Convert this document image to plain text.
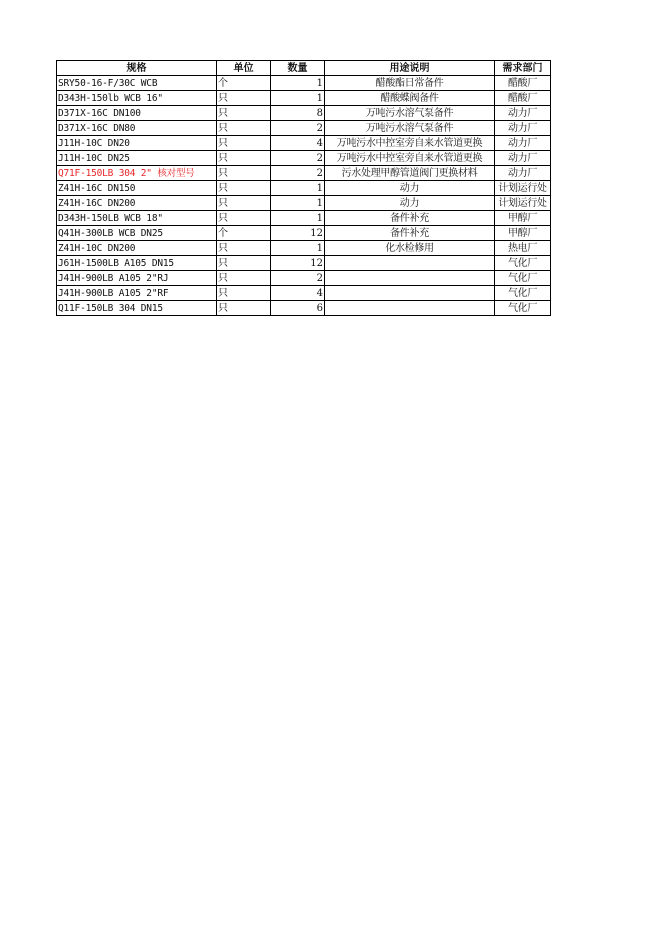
规格	单位	数量	用途说明	需求部门
SRY50-16-F/30C WCB	个	1	醋酸酯日常备件	醋酸厂
D343H-150lb WCB 16"	只	1	醋酸蝶阀备件	醋酸厂
D371X-16C DN100	只	8	万吨污水溶气泵备件	动力厂
D371X-16C DN80	只	2	万吨污水溶气泵备件	动力厂
J11H-10C DN20	只	4	万吨污水中控室旁自来水管道更换	动力厂
J11H-10C DN25	只	2	万吨污水中控室旁自来水管道更换	动力厂
Q71F-150LB 304 2" 核对型号	只	2	污水处理甲醇管道阀门更换材料	动力厂
Z41H-16C DN150	只	1	动力	计划运行处
Z41H-16C DN200	只	1	动力	计划运行处
D343H-150LB WCB 18"	只	1	备件补充	甲醇厂
Q41H-300LB WCB DN25	个	12	备件补充	甲醇厂
Z41H-10C DN200	只	1	化水检修用	热电厂
J61H-1500LB A105 DN15	只	12		气化厂
J41H-900LB A105 2"RJ	只	2		气化厂
J41H-900LB A105 2"RF	只	4		气化厂
Q11F-150LB 304 DN15	只	6		气化厂
